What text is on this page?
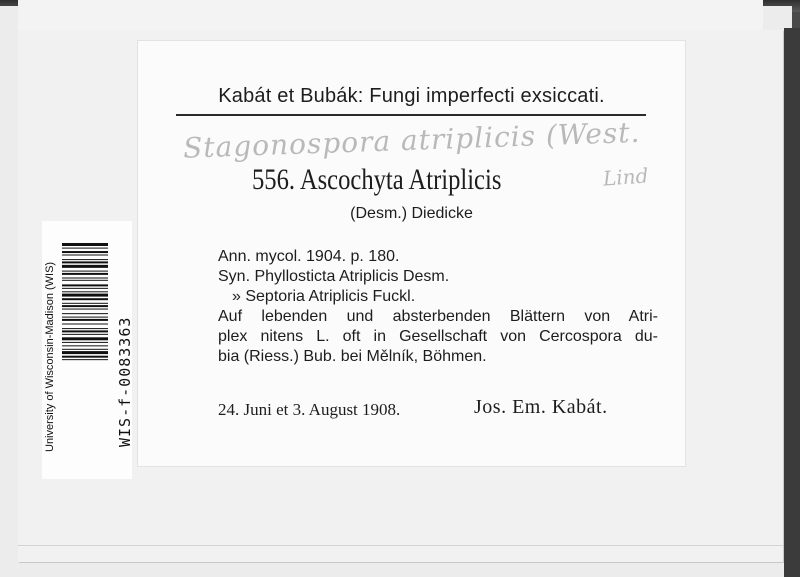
Kabát et Bubák: Fungi imperfecti exsiccati.
Stagonospora atriplicis (West.
Lind
556. Ascochyta Atriplicis
(Desm.) Diedicke
Ann. mycol. 1904. p. 180.
Syn. Phyllosticta Atriplicis Desm.
» Septoria Atriplicis Fuckl.
Auf lebenden und absterbenden Blättern von Atri-
plex nitens L. oft in Gesellschaft von Cercospora du-
bia (Riess.) Bub. bei Mělník, Böhmen.
24. Juni et 3. August 1908.	Jos. Em. Kabát.
University of Wisconsin-Madison (WIS)	WIS-f-0083363
